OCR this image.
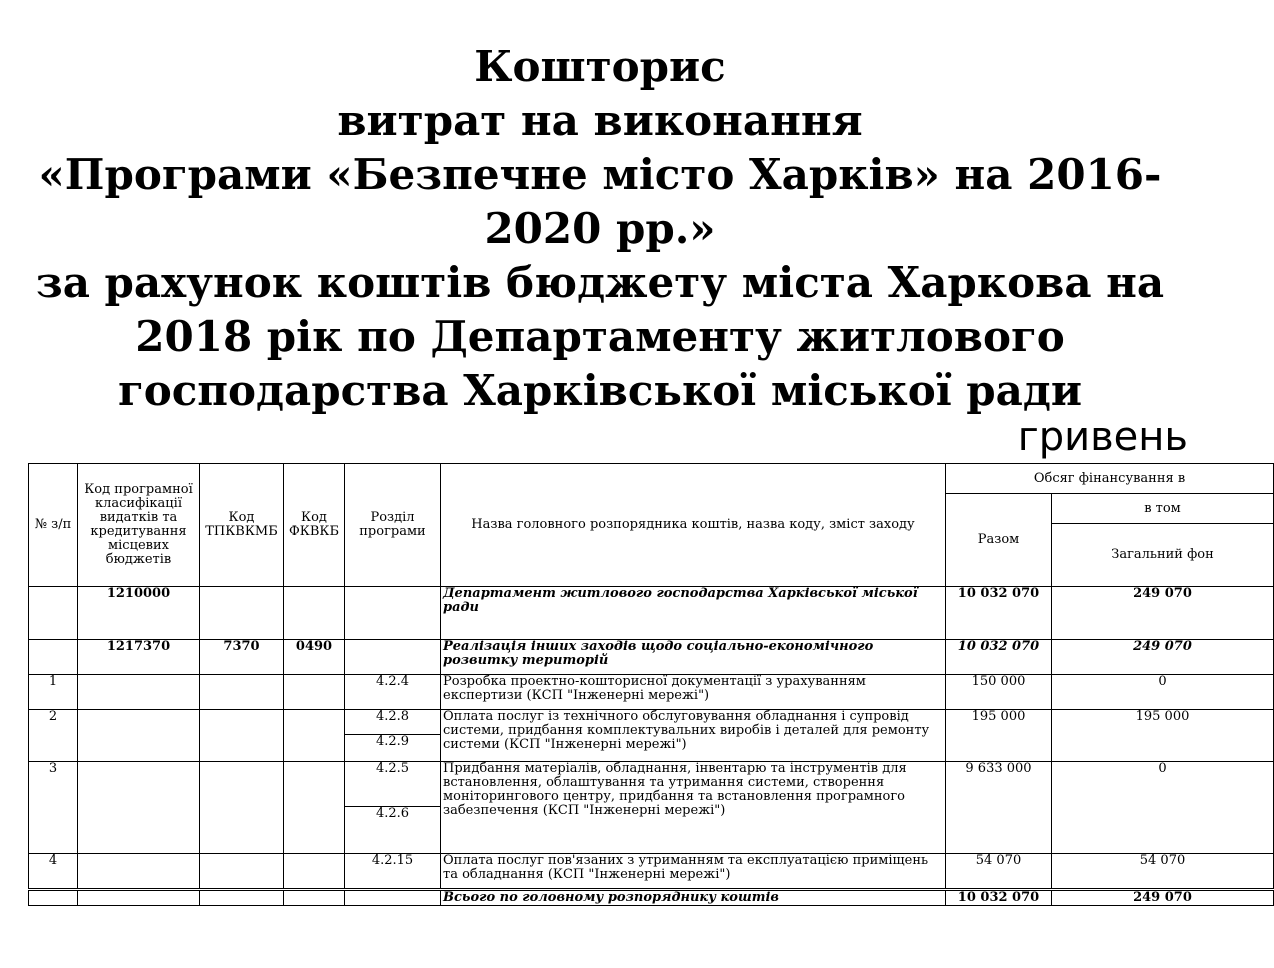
Кошторис
витрат на виконання
«Програми «Безпечне місто Харків» на 2016-
2020 рр.»
за рахунок коштів бюджету міста Харкова на
2018 рік по Департаменту житлового
господарства Харківської міської ради
гривень
№ з/п	Код програмної класифікації видатків та кредитування місцевих бюджетів	Код ТПКВКМБ	Код ФКВКБ	Розділ програми	Назва головного розпорядника коштів, назва коду, зміст заходу	Обсяг фінансування в	
						Разом	в том
							Загальний фон
	1210000				Департамент житлового господарства Харківської міської ради	10 032 070	249 070
	1217370	7370	0490		Реалізація інших заходів щодо соціально-економічного розвитку територій	10 032 070	249 070
1				4.2.4	Розробка проектно-кошторисної документації з урахуванням експертизи (КСП "Інженерні мережі")	150 000	0
2				4.2.8	Оплата послуг із технічного обслуговування обладнання і супровід системи, придбання комплектувальних виробів і деталей для ремонту системи (КСП "Інженерні мережі")	195 000	195 000
				4.2.9			
3				4.2.5	Придбання матеріалів, обладнання, інвентарю та інструментів для встановлення, облаштування та утримання системи, створення моніторингового центру, придбання та встановлення програмного забезпечення (КСП "Інженерні мережі")	9 633 000	0
				4.2.6			
4				4.2.15	Оплата послуг пов'язаних з утриманням та експлуатацією приміщень та обладнання (КСП "Інженерні мережі")	54 070	54 070
					Всього по головному розпоряднику коштів	10 032 070	249 070
